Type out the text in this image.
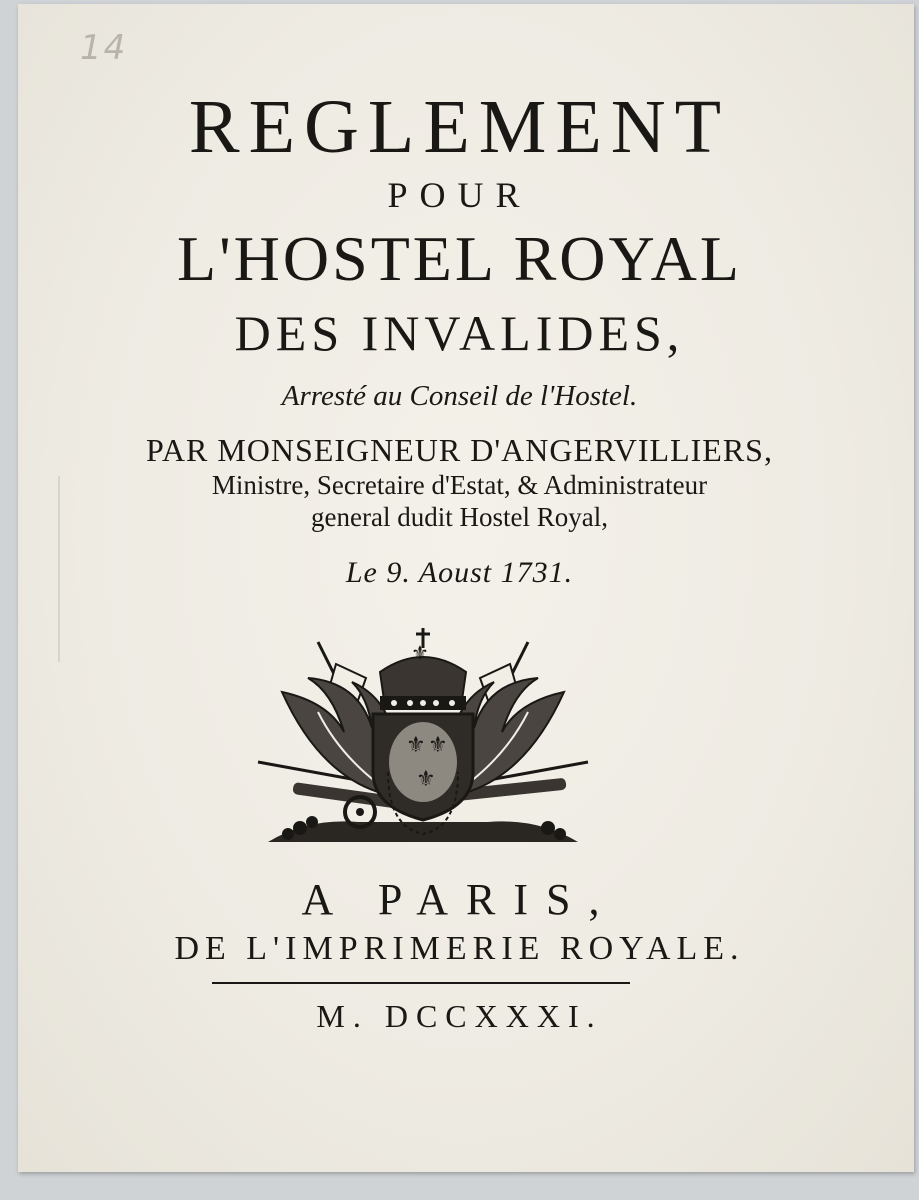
14
REGLEMENT
POUR
L'HOSTEL ROYAL
DES INVALIDES,
Arresté au Conseil de l'Hostel.
PAR MONSEIGNEUR D'ANGERVILLIERS,
Ministre, Secretaire d'Estat, & Administrateur
general dudit Hostel Royal,
Le 9. Aoust 1731.
⚜ ⚜
⚜
⚜
A PARIS,
DE L'IMPRIMERIE ROYALE.
M. DCCXXXI.
